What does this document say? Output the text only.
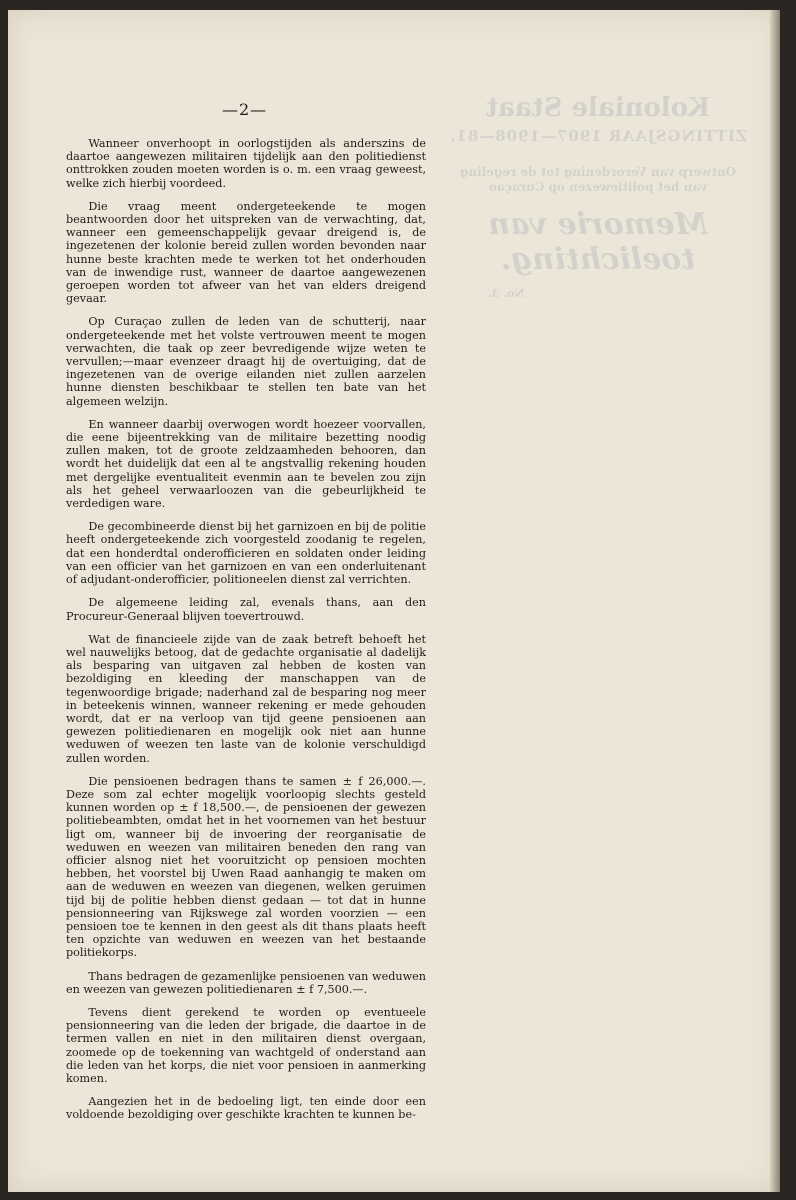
Koloniale Staat
ZITTINGSJAAR 1907—1908—81.
Ontwerp van Verordening tot de regeling van het politiewezen op Curaçao
Memorie van toelichting.
No. 3.
—2—

Wanneer onverhoopt in oorlogstijden als anderszins de daartoe aangewezen militairen tijdelijk aan den politiedienst onttrokken zouden moeten worden is o. m. een vraag geweest, welke zich hierbij voordeed.

Die vraag meent ondergeteekende te mogen beantwoorden door het uitspreken van de verwachting, dat, wanneer een gemeenschappelijk gevaar dreigend is, de ingezetenen der kolonie bereid zullen worden bevonden naar hunne beste krachten mede te werken tot het onderhouden van de inwendige rust, wanneer de daartoe aangewezenen geroepen worden tot afweer van het van elders dreigend gevaar.

Op Curaçao zullen de leden van de schutterij, naar ondergeteekende met het volste vertrouwen meent te mogen verwachten, die taak op zeer bevredigende wijze weten te vervullen;—maar evenzeer draagt hij de overtuiging, dat de ingezetenen van de overige eilanden niet zullen aarzelen hunne diensten beschikbaar te stellen ten bate van het algemeen welzijn.

En wanneer daarbij overwogen wordt hoezeer voorvallen, die eene bijeentrekking van de militaire bezetting noodig zullen maken, tot de groote zeldzaamheden behooren, dan wordt het duidelijk dat een al te angstvallig rekening houden met dergelijke eventualiteit evenmin aan te bevelen zou zijn als het geheel verwaarloozen van die gebeurlijkheid te verdedigen ware.

De gecombineerde dienst bij het garnizoen en bij de politie heeft ondergeteekende zich voorgesteld zoodanig te regelen, dat een honderdtal onderofficieren en soldaten onder leiding van een officier van het garnizoen en van een onderluitenant of adjudant-onderofficier, politioneelen dienst zal verrichten.

De algemeene leiding zal, evenals thans, aan den Procureur-Generaal blijven toevertrouwd.

Wat de financieele zijde van de zaak betreft behoeft het wel nauwelijks betoog, dat de gedachte organisatie al dadelijk als besparing van uitgaven zal hebben de kosten van bezoldiging en kleeding der manschappen van de tegenwoordige brigade; naderhand zal de besparing nog meer in beteekenis winnen, wanneer rekening er mede gehouden wordt, dat er na verloop van tijd geene pensioenen aan gewezen politiedienaren en mogelijk ook niet aan hunne weduwen of weezen ten laste van de kolonie verschuldigd zullen worden.

Die pensioenen bedragen thans te samen ± f 26,000.—. Deze som zal echter mogelijk voorloopig slechts gesteld kunnen worden op ± f 18,500.—, de pensioenen der gewezen politiebeambten, omdat het in het voornemen van het bestuur ligt om, wanneer bij de invoering der reorganisatie de weduwen en weezen van militairen beneden den rang van officier alsnog niet het vooruitzicht op pensioen mochten hebben, het voorstel bij Uwen Raad aanhangig te maken om aan de weduwen en weezen van diegenen, welken geruimen tijd bij de politie hebben dienst gedaan — tot dat in hunne pensionneering van Rijkswege zal worden voorzien — een pensioen toe te kennen in den geest als dit thans plaats heeft ten opzichte van weduwen en weezen van het bestaande politiekorps.

Thans bedragen de gezamenlijke pensioenen van weduwen en weezen van gewezen politiedienaren ± f 7,500.—.

Tevens dient gerekend te worden op eventueele pensionneering van die leden der brigade, die daartoe in de termen vallen en niet in den militairen dienst overgaan, zoomede op de toekenning van wachtgeld of onderstand aan die leden van het korps, die niet voor pensioen in aanmerking komen.

Aangezien het in de bedoeling ligt, ten einde door een voldoende bezoldiging over geschikte krachten te kunnen be-
